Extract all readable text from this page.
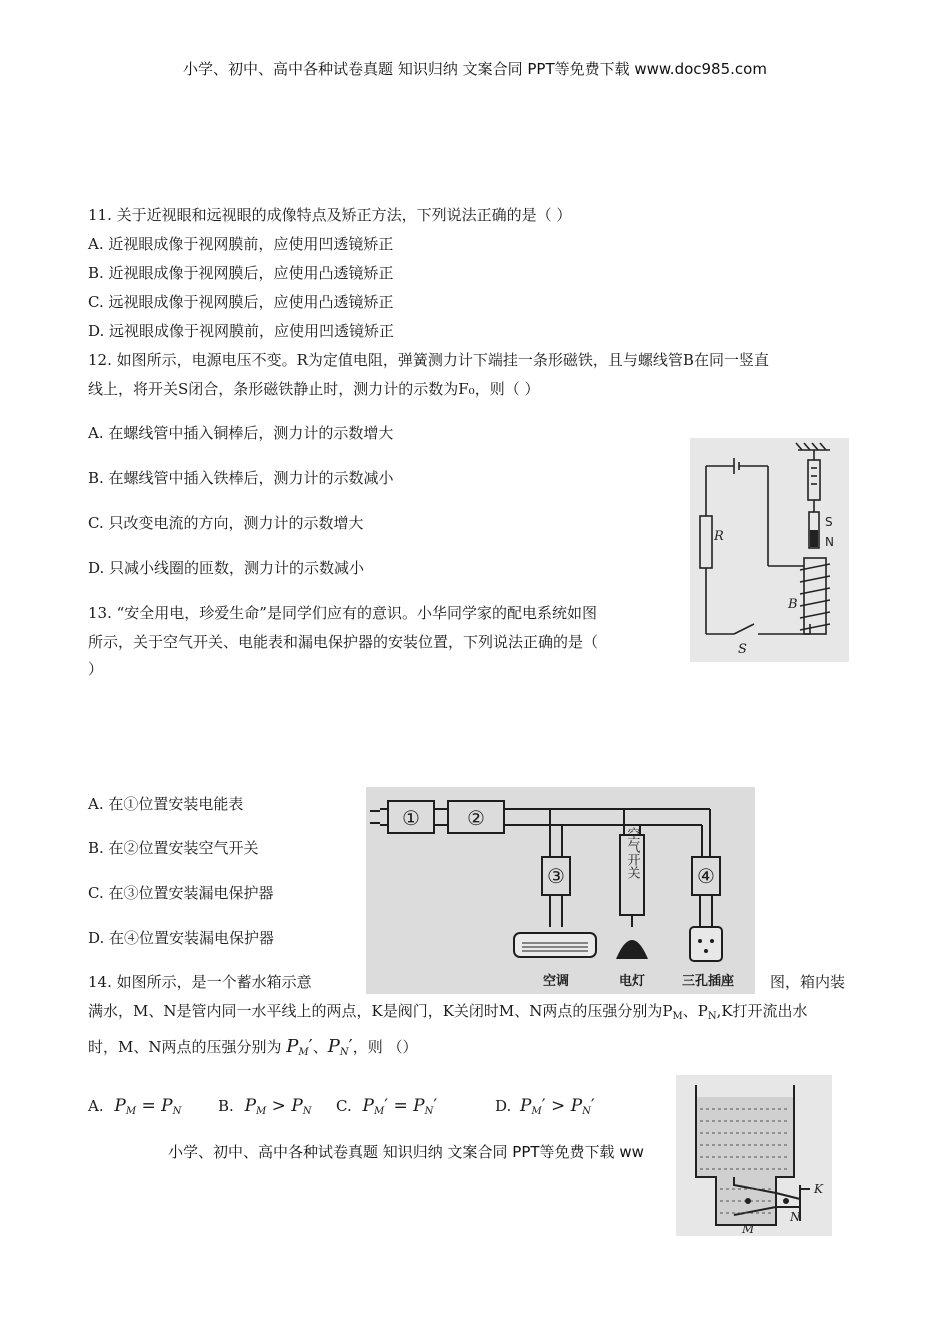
小学、初中、高中各种试卷真题 知识归纳 文案合同 PPT等免费下载 www.doc985.com
11. 关于近视眼和远视眼的成像特点及矫正方法，下列说法正确的是（ ）
A. 近视眼成像于视网膜前，应使用凹透镜矫正
B. 近视眼成像于视网膜后，应使用凸透镜矫正
C. 远视眼成像于视网膜后，应使用凸透镜矫正
D. 远视眼成像于视网膜前，应使用凹透镜矫正
12. 如图所示，电源电压不变。R为定值电阻，弹簧测力计下端挂一条形磁铁，且与螺线管B在同一竖直
线上，将开关S闭合，条形磁铁静止时，测力计的示数为F₀，则（ ）
A. 在螺线管中插入铜棒后，测力计的示数增大
B. 在螺线管中插入铁棒后，测力计的示数减小
C. 只改变电流的方向，测力计的示数增大
D. 只减小线圈的匝数，测力计的示数减小
R
B
S
S
N
13. “安全用电，珍爱生命”是同学们应有的意识。小华同学家的配电系统如图
所示，关于空气开关、电能表和漏电保护器的安装位置，下列说法正确的是（
）
A. 在①位置安装电能表
B. 在②位置安装空气开关
C. 在③位置安装漏电保护器
D. 在④位置安装漏电保护器
① ②
③	④
空气开关
空调	电灯	三孔插座
14. 如图所示，是一个蓄水箱示意	图，箱内装
满水，M、N是管内同一水平线上的两点，K是阀门，K关闭时M、N两点的压强分别为$P_M$、$P_N,K$打开流出水
时，M、N两点的压强分别为 $P_M'$、$P_N'$，则 （）
A. $P_M = P_N$ B. $P_M > P_N$ C. $P_M' = P_N'$	D. $P_M' > P_N'$
小学、初中、高中各种试卷真题 知识归纳 文案合同 PPT等免费下载 ww
M
N
K
